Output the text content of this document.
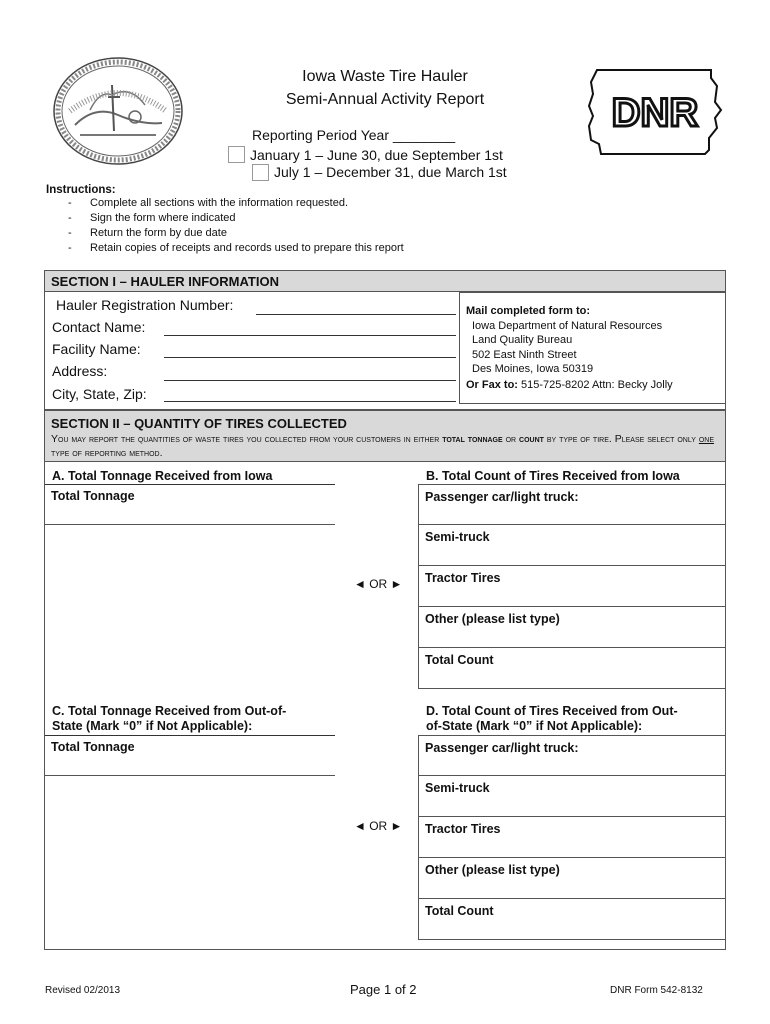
Iowa Waste Tire Hauler
Semi-Annual Activity Report
Reporting Period Year ________
January 1 – June 30, due September 1st
July 1 – December 31, due March 1st
DNR
Instructions:
- Complete all sections with the information requested.
- Sign the form where indicated
- Return the form by due date
- Retain copies of receipts and records used to prepare this report
SECTION I – HAULER INFORMATION
Hauler Registration Number:
Contact Name:
Facility Name:
Address:
City, State, Zip:
Mail completed form to:
Iowa Department of Natural Resources
Land Quality Bureau
502 East Ninth Street
Des Moines, Iowa 50319
Or Fax to: 515-725-8202 Attn: Becky Jolly
SECTION II – QUANTITY OF TIRES COLLECTED
You may report the quantities of waste tires you collected from your customers in either total tonnage or count by type of tire. Please select only one type of reporting method.
A. Total Tonnage Received from Iowa	B. Total Count of Tires Received from Iowa
Total Tonnage	Passenger car/light truck:
Semi-truck
Tractor Tires
Other (please list type)
Total Count
◄ OR ►
C. Total Tonnage Received from Out-of-
State (Mark “0” if Not Applicable):
D. Total Count of Tires Received from Out-
of-State (Mark “0” if Not Applicable):
Total Tonnage	Passenger car/light truck:
Semi-truck
Tractor Tires
Other (please list type)
Total Count
◄ OR ►
Revised 02/2013	Page 1 of 2	DNR Form 542-8132
